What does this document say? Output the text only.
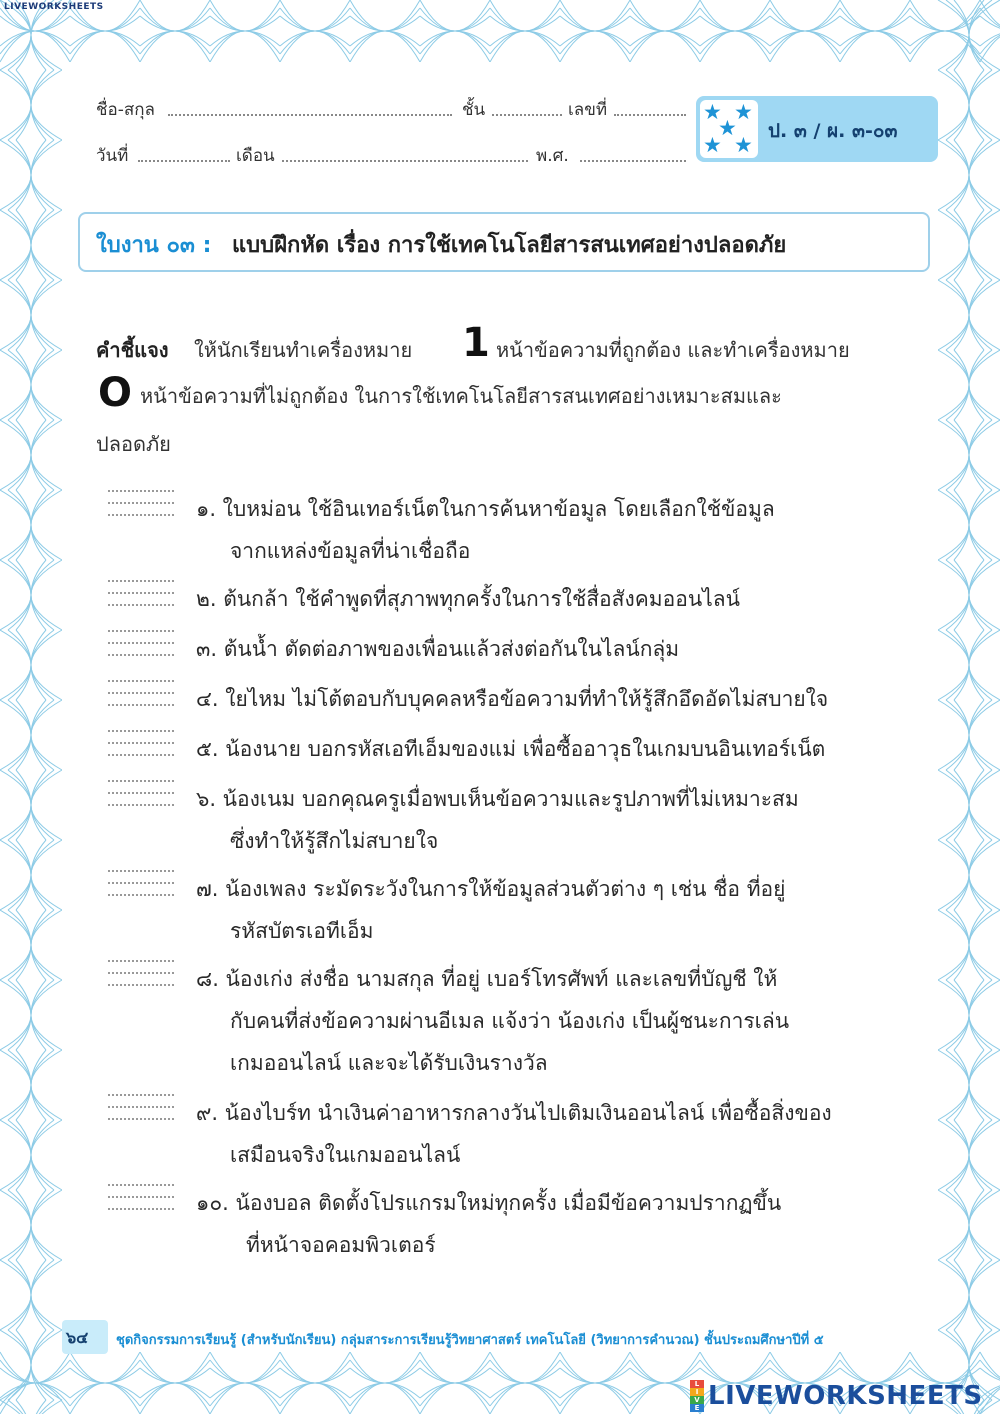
LIVEWORKSHEETS
ชื่อ-สกุล	ชั้น	เลขที่
วันที่	เดือน	พ.ศ.
★ ★
★
★ ★
ป. ๓ / ผ. ๓-๐๓
ใบงาน ๐๓ : แบบฝึกหัด เรื่อง การใช้เทคโนโลยีสารสนเทศอย่างปลอดภัย
คำชี้แจง ให้นักเรียนทำเครื่องหมาย 1 หน้าข้อความที่ถูกต้อง และทำเครื่องหมาย
O หน้าข้อความที่ไม่ถูกต้อง ในการใช้เทคโนโลยีสารสนเทศอย่างเหมาะสมและ
ปลอดภัย
๑. ใบหม่อน ใช้อินเทอร์เน็ตในการค้นหาข้อมูล โดยเลือกใช้ข้อมูล
จากแหล่งข้อมูลที่น่าเชื่อถือ
๒. ต้นกล้า ใช้คำพูดที่สุภาพทุกครั้งในการใช้สื่อสังคมออนไลน์
๓. ต้นน้ำ ตัดต่อภาพของเพื่อนแล้วส่งต่อกันในไลน์กลุ่ม
๔. ใยไหม ไม่โต้ตอบกับบุคคลหรือข้อความที่ทำให้รู้สึกอึดอัดไม่สบายใจ
๕. น้องนาย บอกรหัสเอทีเอ็มของแม่ เพื่อซื้ออาวุธในเกมบนอินเทอร์เน็ต
๖. น้องเนม บอกคุณครูเมื่อพบเห็นข้อความและรูปภาพที่ไม่เหมาะสม
ซึ่งทำให้รู้สึกไม่สบายใจ
๗. น้องเพลง ระมัดระวังในการให้ข้อมูลส่วนตัวต่าง ๆ เช่น ชื่อ ที่อยู่
รหัสบัตรเอทีเอ็ม
๘. น้องเก่ง ส่งชื่อ นามสกุล ที่อยู่ เบอร์โทรศัพท์ และเลขที่บัญชี ให้
กับคนที่ส่งข้อความผ่านอีเมล แจ้งว่า น้องเก่ง เป็นผู้ชนะการเล่น
เกมออนไลน์ และจะได้รับเงินรางวัล
๙. น้องไบร์ท นำเงินค่าอาหารกลางวันไปเติมเงินออนไลน์ เพื่อซื้อสิ่งของ
เสมือนจริงในเกมออนไลน์
๑๐. น้องบอล ติดตั้งโปรแกรมใหม่ทุกครั้ง เมื่อมีข้อความปรากฏขึ้น
ที่หน้าจอคอมพิวเตอร์
๖๔ ชุดกิจกรรมการเรียนรู้ (สำหรับนักเรียน) กลุ่มสาระการเรียนรู้วิทยาศาสตร์ เทคโนโลยี (วิทยาการคำนวณ) ชั้นประถมศึกษาปีที่ ๕
L
I
V
E LIVEWORKSHEETS
